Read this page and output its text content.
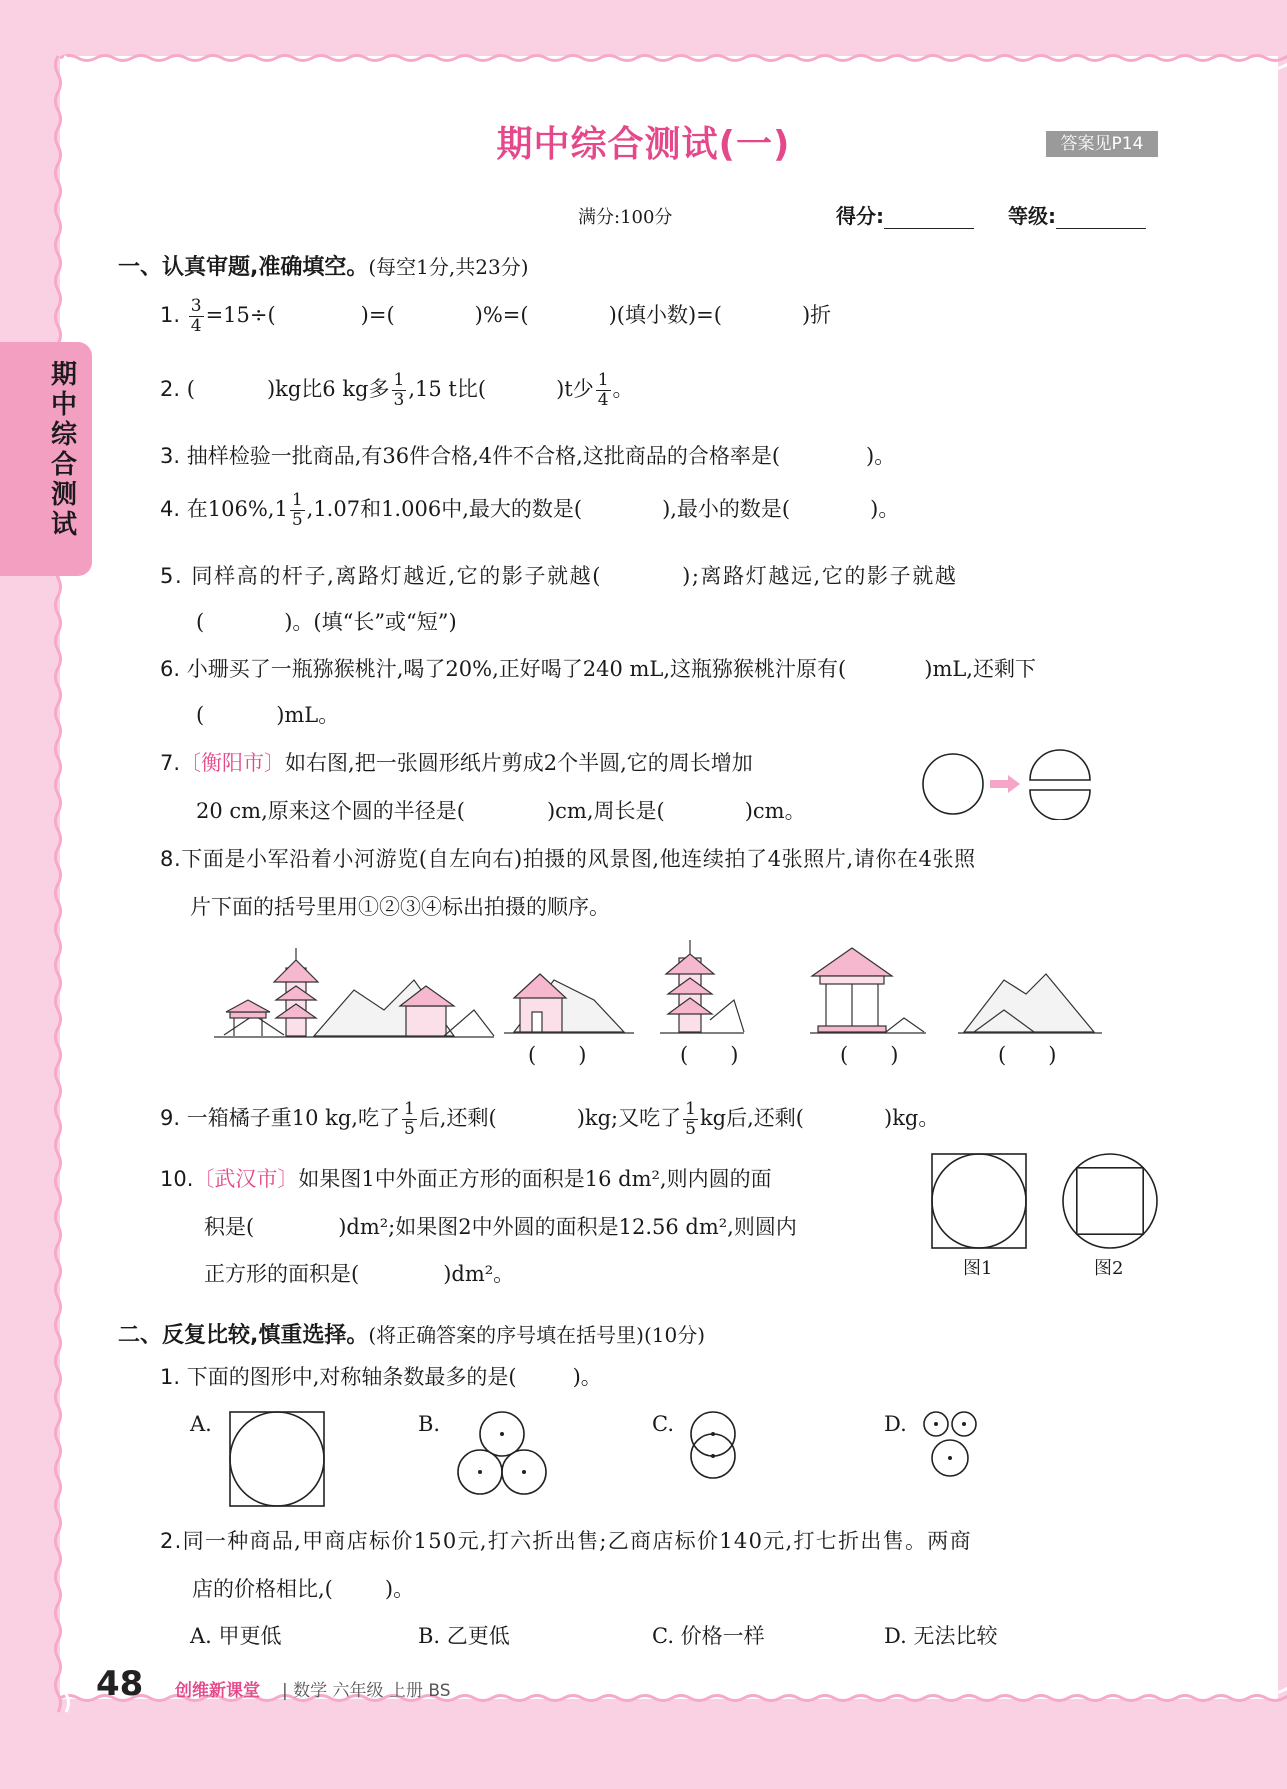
期中综合测试
期中综合测试(一)	答案见P14
满分:100分	得分:	等级:
一、认真审题,准确填空。(每空1分,共23分)
1. $\frac{3}{4} =15\div$(	)=(	)%=(	)(填小数)=(	)折
2. (	)kg比6 kg多 $\frac{1}{3} ,15$ t比(	)t少 $\frac{1}{4}$ 。
3. 抽样检验一批商品,有36件合格,4件不合格,这批商品的合格率是(	)。
4. 在$106\%,1 \frac{1}{5} ,1.07$和1.006中,最大的数是(	),最小的数是(	)。
5. 同样高的杆子,离路灯越近,它的影子就越(	);离路灯越远,它的影子就越
(	)。(填“长”或“短”)
6. 小珊买了一瓶猕猴桃汁,喝了20%,正好喝了240 mL,这瓶猕猴桃汁原有(	)mL,还剩下
(	)mL。
7.〔衡阳市〕如右图,把一张圆形纸片剪成2个半圆,它的周长增加
20 cm,原来这个圆的半径是(	)cm,周长是(	)cm。
8.下面是小军沿着小河游览(自左向右)拍摄的风景图,他连续拍了4张照片,请你在4张照
片下面的括号里用①②③④标出拍摄的顺序。
(　　)	(　　)	(　　)	(　　)
9. 一箱橘子重10 kg,吃了 $\frac{1}{5}$ 后,还剩(	)kg;又吃了 $\frac{1}{5}$ kg后,还剩(	)kg。
10.〔武汉市〕如果图1中外面正方形的面积是16 dm²,则内圆的面
积是(	)dm²;如果图2中外圆的面积是12.56 dm²,则圆内
正方形的面积是(	)dm²。	图1	图2
二、反复比较,慎重选择。(将正确答案的序号填在括号里)(10分)
1. 下面的图形中,对称轴条数最多的是(	)。
A.	B.	C.	D.
2.同一种商品,甲商店标价150元,打六折出售;乙商店标价140元,打七折出售。两商
店的价格相比,( )。
A. 甲更低	B. 乙更低	C. 价格一样	D. 无法比较
48 创维新课堂 | 数学 六年级 上册 BS
